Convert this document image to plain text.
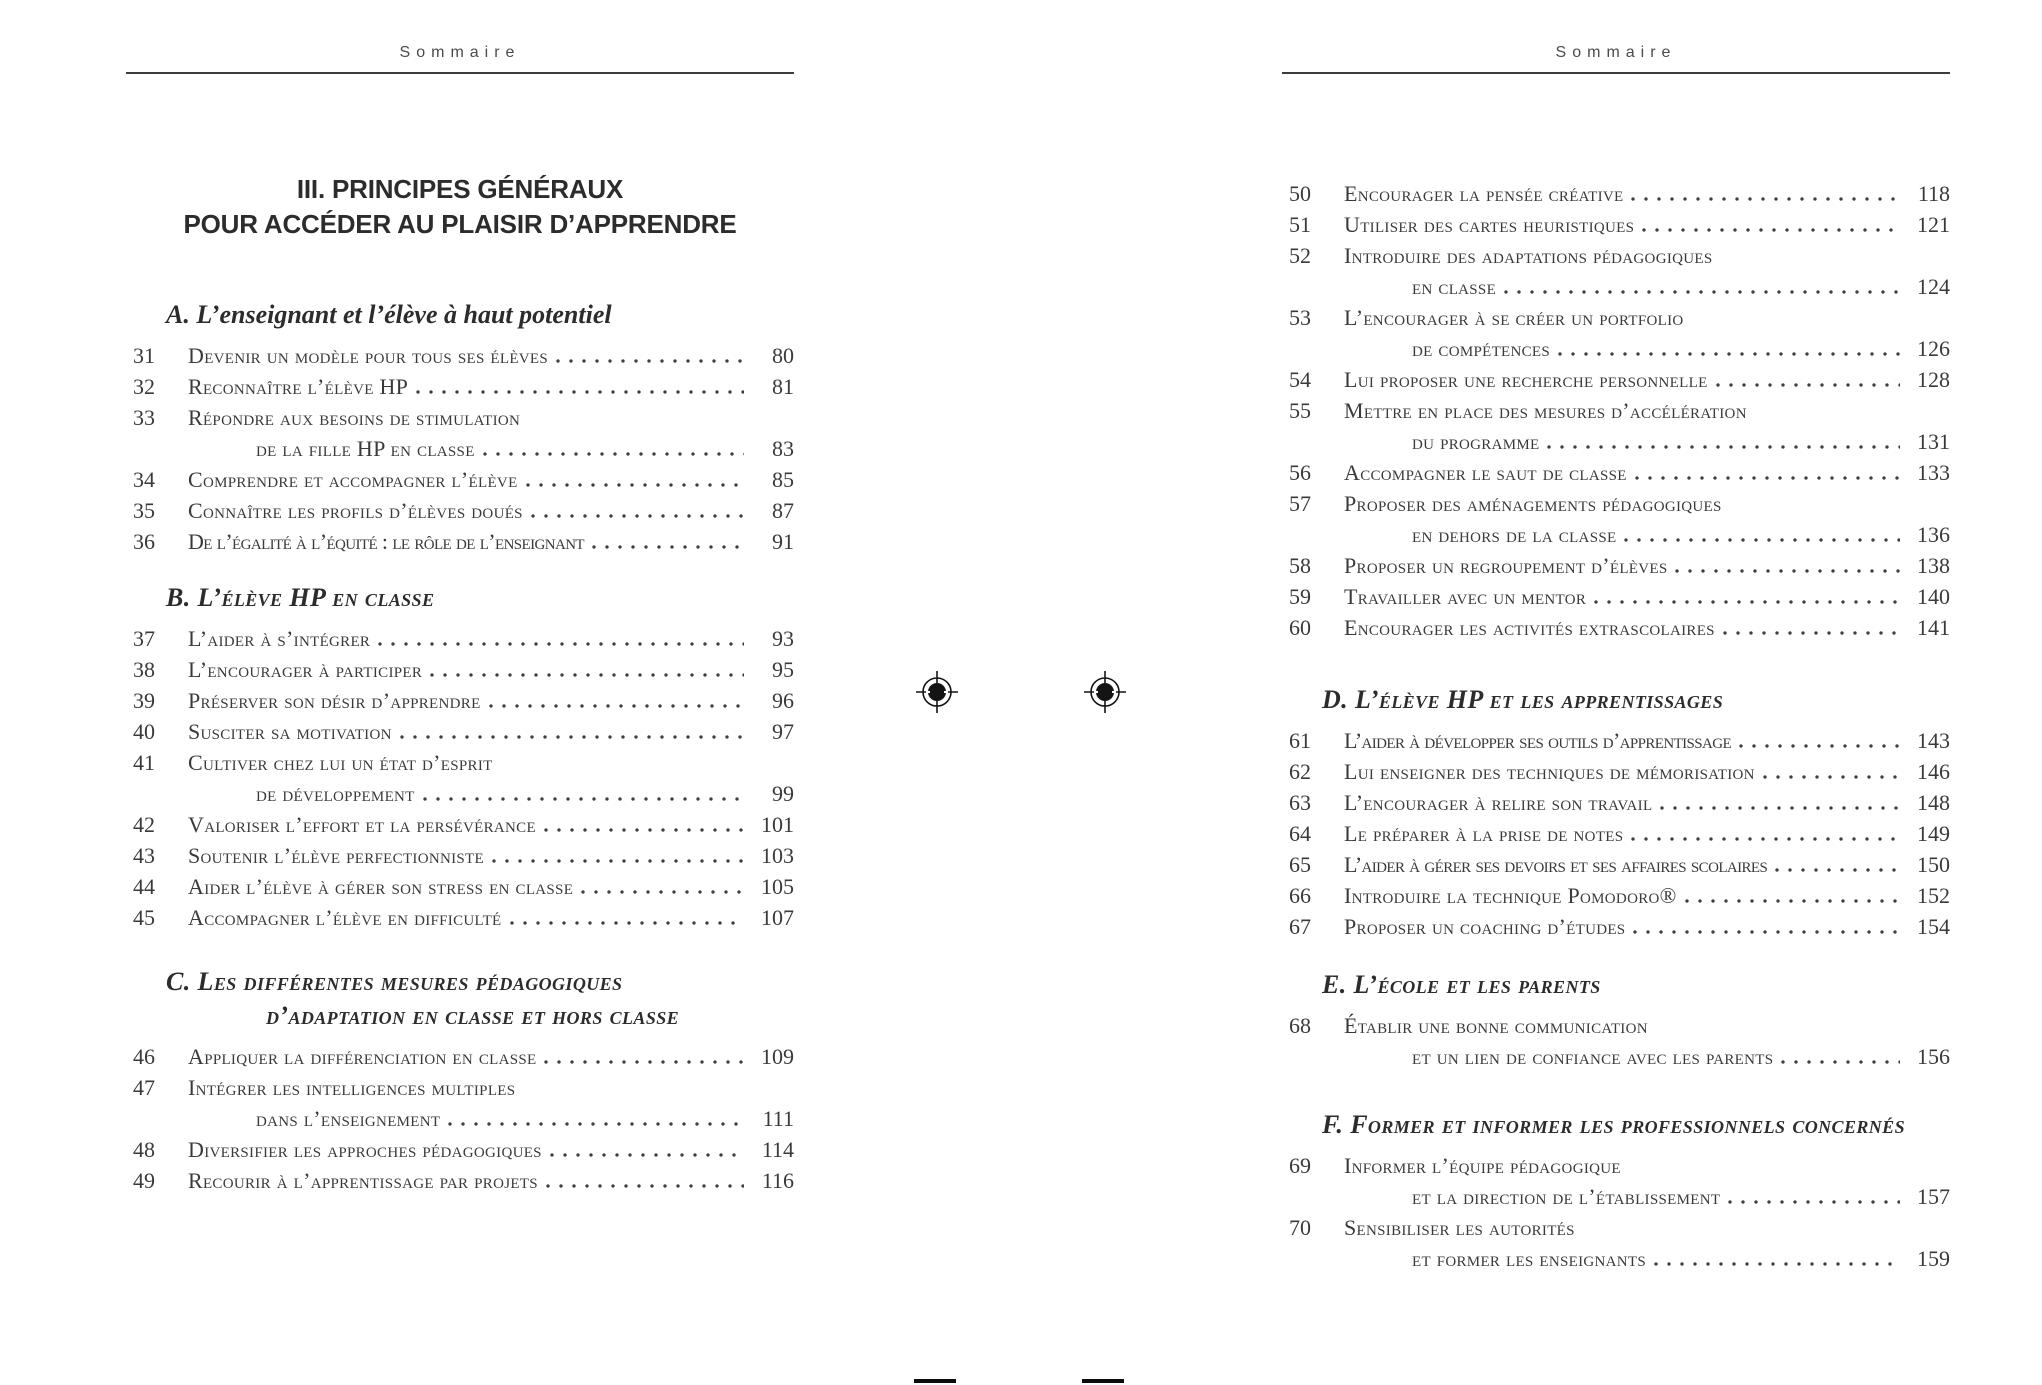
Sommaire
III. PRINCIPES GÉNÉRAUX
POUR ACCÉDER AU PLAISIR D’APPRENDRE
A. L’enseignant et l’élève à haut potentiel
31	Devenir un modèle pour tous ses élèves	80
32	Reconnaître l’élève HP	81
33	Répondre aux besoins de stimulation
de la fille HP en classe	83
34	Comprendre et accompagner l’élève	85
35	Connaître les profils d’élèves doués	87
36	De l’égalité à l’équité : le rôle de l’enseignant	91
B. L’élève HP en classe
37	L’aider à s’intégrer	93
38	L’encourager à participer	95
39	Préserver son désir d’apprendre	96
40	Susciter sa motivation	97
41	Cultiver chez lui un état d’esprit
de développement	99
42	Valoriser l’effort et la persévérance	101
43	Soutenir l’élève perfectionniste	103
44	Aider l’élève à gérer son stress en classe	105
45	Accompagner l’élève en difficulté	107
C. Les différentes mesures pédagogiques
d’adaptation en classe et hors classe
46	Appliquer la différenciation en classe	109
47	Intégrer les intelligences multiples
dans l’enseignement	111
48	Diversifier les approches pédagogiques	114
49	Recourir à l’apprentissage par projets	116
Sommaire
50	Encourager la pensée créative	118
51	Utiliser des cartes heuristiques	121
52	Introduire des adaptations pédagogiques
en classe	124
53	L’encourager à se créer un portfolio
de compétences	126
54	Lui proposer une recherche personnelle	128
55	Mettre en place des mesures d’accélération
du programme	131
56	Accompagner le saut de classe	133
57	Proposer des aménagements pédagogiques
en dehors de la classe	136
58	Proposer un regroupement d’élèves	138
59	Travailler avec un mentor	140
60	Encourager les activités extrascolaires	141
D. L’élève HP et les apprentissages
61	L’aider à développer ses outils d’apprentissage	143
62	Lui enseigner des techniques de mémorisation	146
63	L’encourager à relire son travail	148
64	Le préparer à la prise de notes	149
65	L’aider à gérer ses devoirs et ses affaires scolaires	150
66	Introduire la technique Pomodoro®	152
67	Proposer un coaching d’études	154
E. L’école et les parents
68	Établir une bonne communication
et un lien de confiance avec les parents	156
F. Former et informer les professionnels concernés
69	Informer l’équipe pédagogique
et la direction de l’établissement	157
70	Sensibiliser les autorités
et former les enseignants	159
